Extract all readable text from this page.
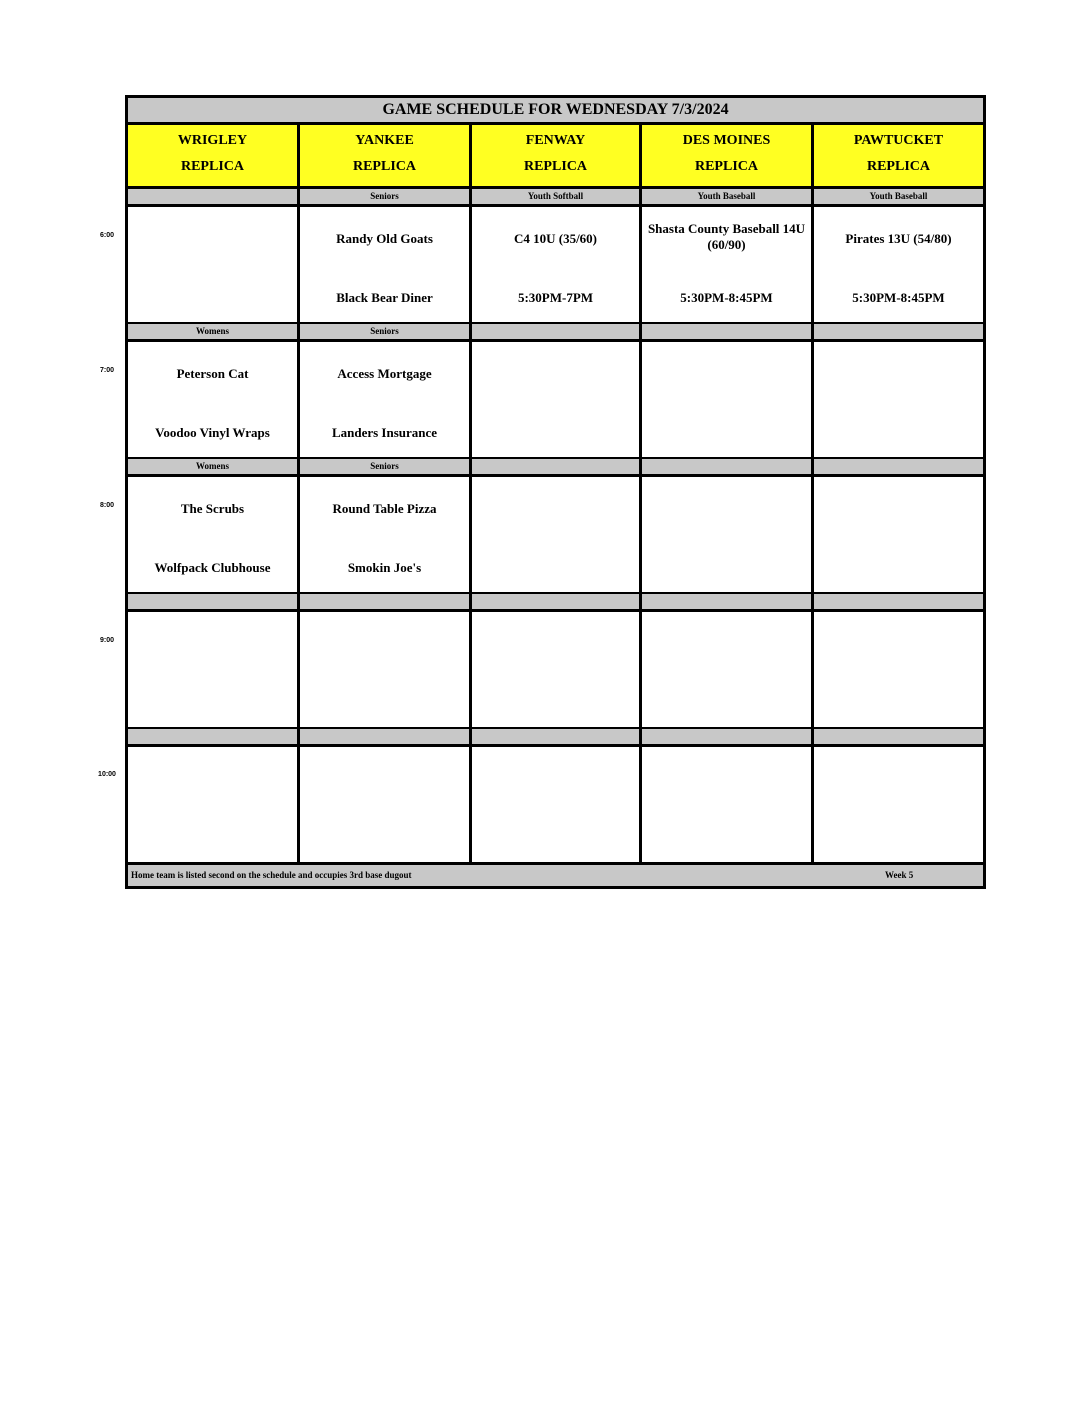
6:00
7:00
8:00
9:00
10:00
GAME SCHEDULE FOR WEDNESDAY 7/3/2024
WRIGLEY
REPLICA
YANKEE
REPLICA
FENWAY
REPLICA
DES MOINES
REPLICA
PAWTUCKET
REPLICA
Seniors
Randy Old Goats
Black Bear Diner
Youth Softball
C4 10U (35/60)
5:30PM-7PM
Youth Baseball
Shasta County Baseball 14U (60/90)
5:30PM-8:45PM
Youth Baseball
Pirates 13U (54/80)
5:30PM-8:45PM
Womens
Peterson Cat
Voodoo Vinyl Wraps
Seniors
Access Mortgage
Landers Insurance
Womens
The Scrubs
Wolfpack Clubhouse
Seniors
Round Table Pizza
Smokin Joe's
Home team is listed second on the schedule and occupies 3rd base dugout	Week 5
